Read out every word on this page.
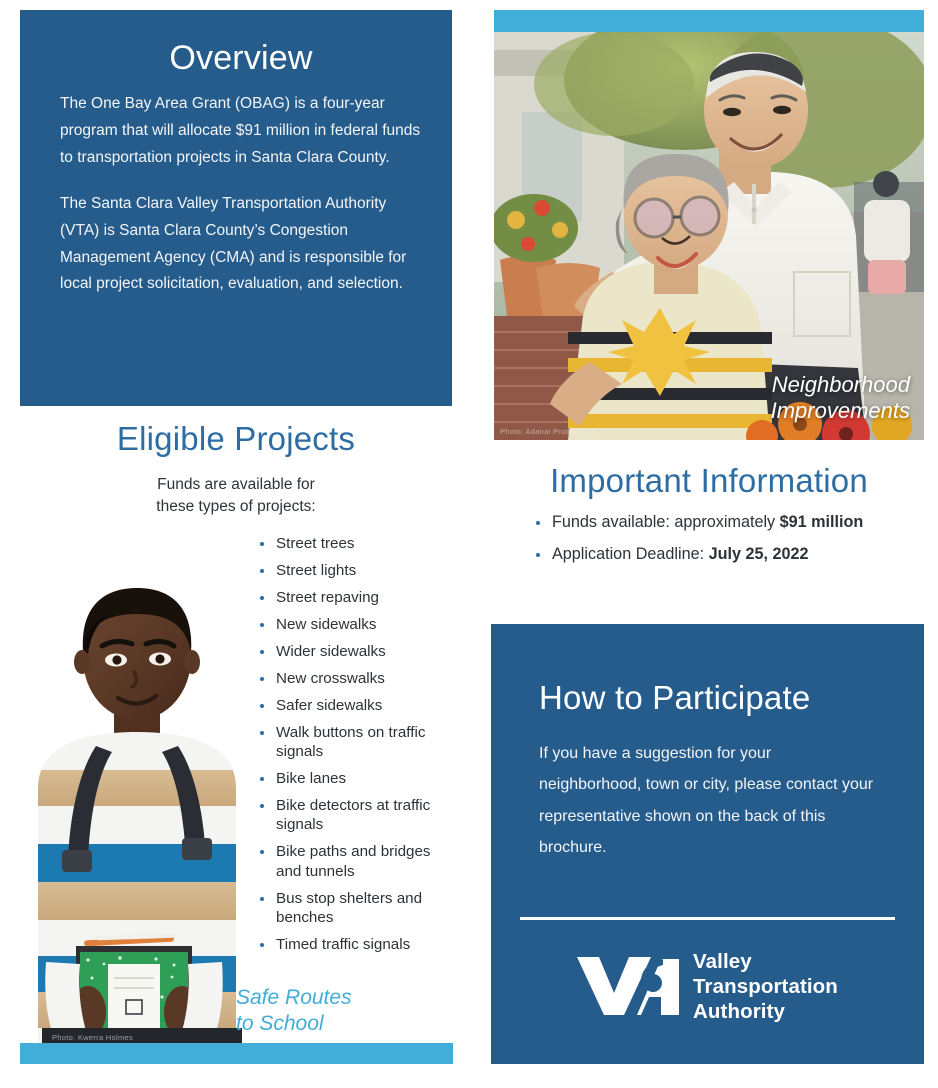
Overview

The One Bay Area Grant (OBAG) is a four-year program that will allocate $91 million in federal funds to transportation projects in Santa Clara County.

The Santa Clara Valley Transportation Authority (VTA) is Santa Clara County’s Congestion Management Agency (CMA) and is responsible for local project solicitation, evaluation, and selection.

Eligible Projects
Funds are available for
these types of projects:
Photo: Kwerra Holmes
Street trees
Street lights
Street repaving
New sidewalks
Wider sidewalks
New crosswalks
Safer sidewalks
Walk buttons on traffic signals
Bike lanes
Bike detectors at traffic signals
Bike paths and bridges and tunnels
Bus stop shelters and benches
Timed traffic signals
Safe Routes
to School
Neighborhood
Improvements
Photo: Adanai Productions
Important Information
Funds available: approximately $91 million
Application Deadline: July 25, 2022
How to Participate

If you have a suggestion for your neighborhood, town or city, please contact your representative shown on the back of this brochure.

Valley
Transportation
Authority
